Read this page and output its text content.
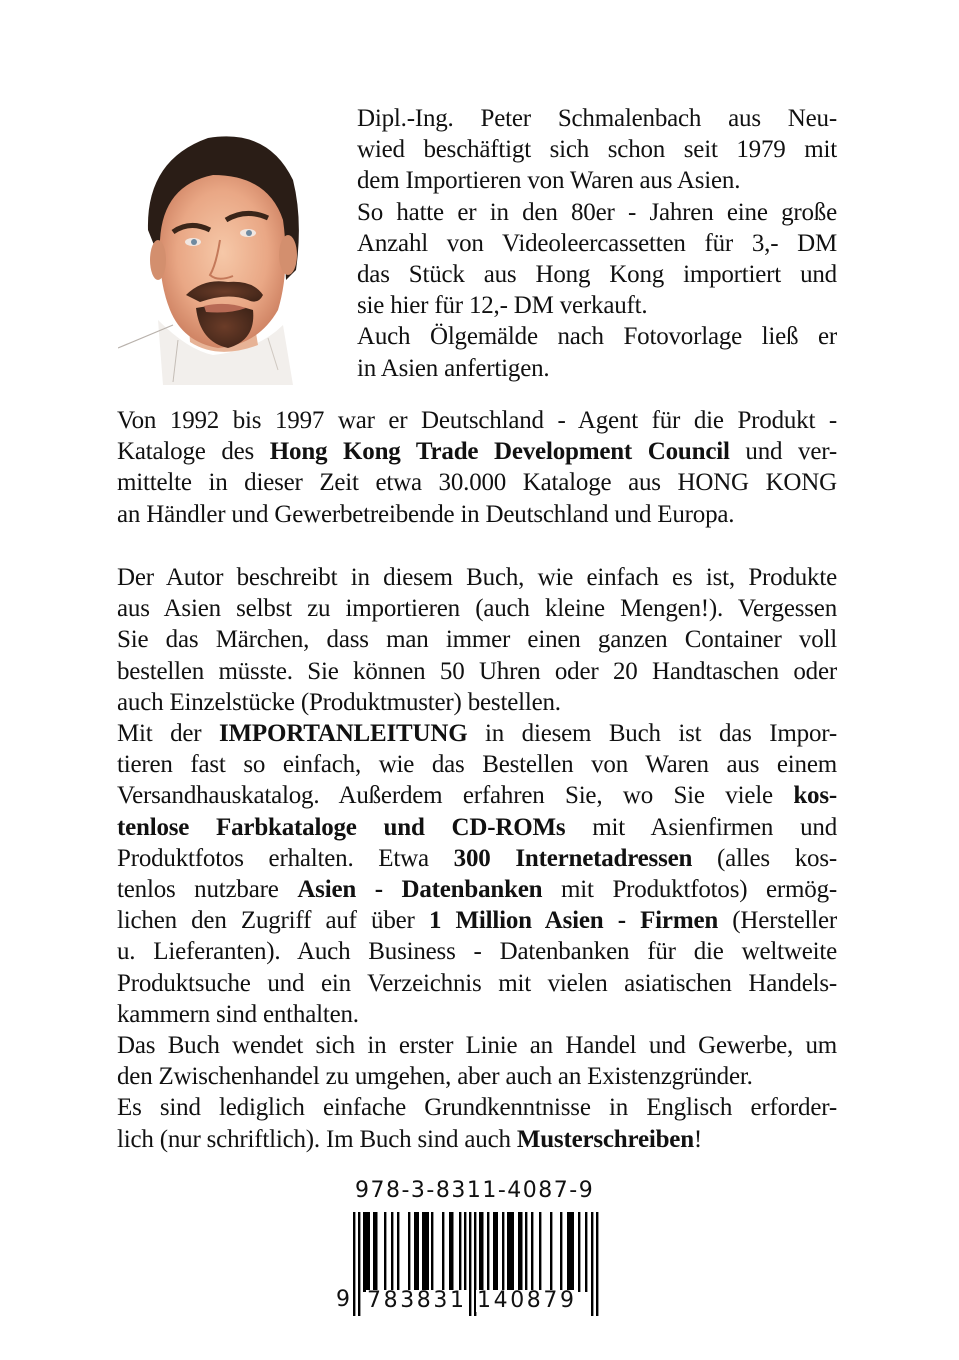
Dipl.-Ing. Peter Schmalenbach aus Neu-

wied beschäftigt sich schon seit 1979 mit

dem Importieren von Waren aus Asien.

So hatte er in den 80er - Jahren eine große

Anzahl von Videoleercassetten für 3,- DM

das Stück aus Hong Kong importiert und

sie hier für 12,- DM verkauft.

Auch Ölgemälde nach Fotovorlage ließ er

in Asien anfertigen.

Von 1992 bis 1997 war er Deutschland - Agent für die Produkt -

Kataloge des Hong Kong Trade Development Council und ver-

mittelte in dieser Zeit etwa 30.000 Kataloge aus HONG KONG

an Händler und Gewerbetreibende in Deutschland und Europa.

Der Autor beschreibt in diesem Buch, wie einfach es ist, Produkte

aus Asien selbst zu importieren (auch kleine Mengen!). Vergessen

Sie das Märchen, dass man immer einen ganzen Container voll

bestellen müsste. Sie können 50 Uhren oder 20 Handtaschen oder

auch Einzelstücke (Produktmuster) bestellen.

Mit der IMPORTANLEITUNG in diesem Buch ist das Impor-

tieren fast so einfach, wie das Bestellen von Waren aus einem

Versandhauskatalog. Außerdem erfahren Sie, wo Sie viele kos-

tenlose Farbkataloge und CD-ROMs mit Asienfirmen und

Produktfotos erhalten. Etwa 300 Internetadressen (alles kos-

tenlos nutzbare Asien - Datenbanken mit Produktfotos) ermög-

lichen den Zugriff auf über 1 Million Asien - Firmen (Hersteller

u. Lieferanten). Auch Business - Datenbanken für die weltweite

Produktsuche und ein Verzeichnis mit vielen asiatischen Handels-

kammern sind enthalten.

Das Buch wendet sich in erster Linie an Handel und Gewerbe, um

den Zwischenhandel zu umgehen, aber auch an Existenzgründer.

Es sind lediglich einfache Grundkenntnisse in Englisch erforder-

lich (nur schriftlich). Im Buch sind auch Musterschreiben!

978-3-8311-4087-9
9 783831 140879
